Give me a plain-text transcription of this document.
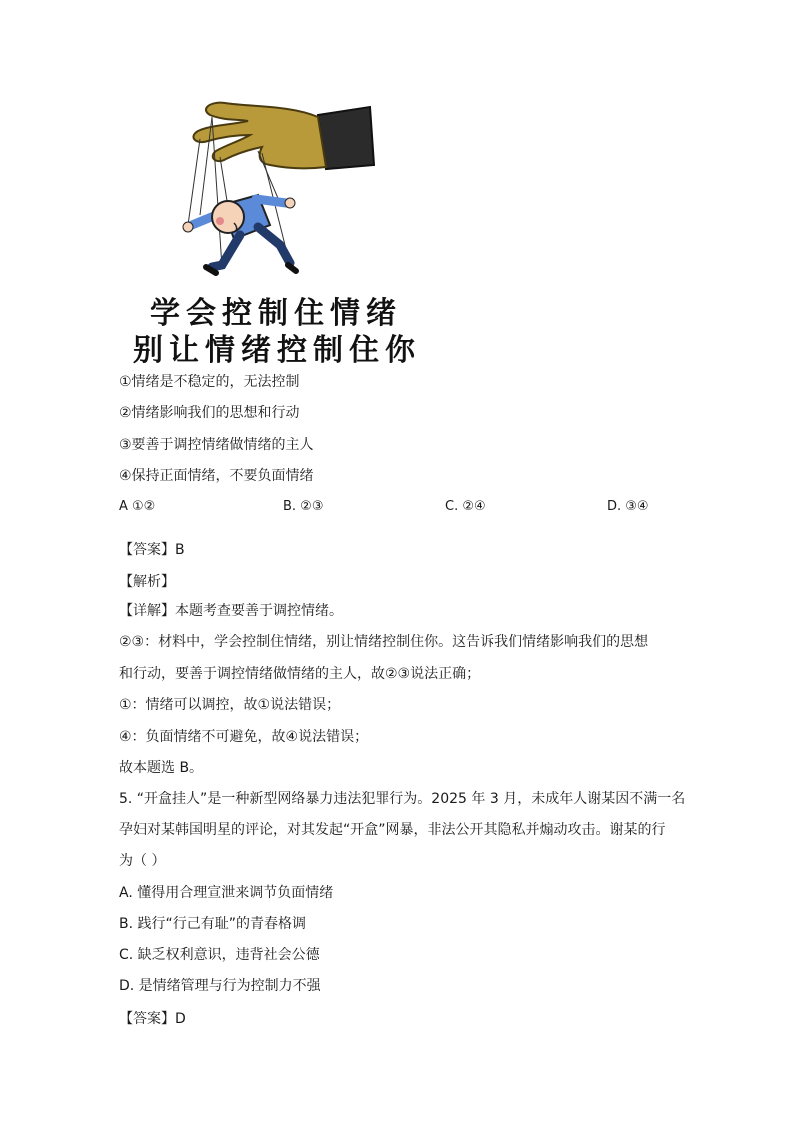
学会控制住情绪
别让情绪控制住你
①情绪是不稳定的，无法控制
②情绪影响我们的思想和行动
③要善于调控情绪做情绪的主人
④保持正面情绪，不要负面情绪
A ①②	B. ②③	C. ②④	D. ③④
【答案】B
【解析】
【详解】本题考查要善于调控情绪。
②③：材料中，学会控制住情绪，别让情绪控制住你。这告诉我们情绪影响我们的思想
和行动，要善于调控情绪做情绪的主人，故②③说法正确；
①：情绪可以调控，故①说法错误；
④：负面情绪不可避免，故④说法错误；
故本题选 B。
5. “开盒挂人”是一种新型网络暴力违法犯罪行为。2025 年 3 月，未成年人谢某因不满一名
孕妇对某韩国明星的评论，对其发起“开盒”网暴，非法公开其隐私并煽动攻击。谢某的行
为（ ）
A. 懂得用合理宣泄来调节负面情绪
B. 践行“行己有耻”的青春格调
C. 缺乏权利意识，违背社会公德
D. 是情绪管理与行为控制力不强
【答案】D
